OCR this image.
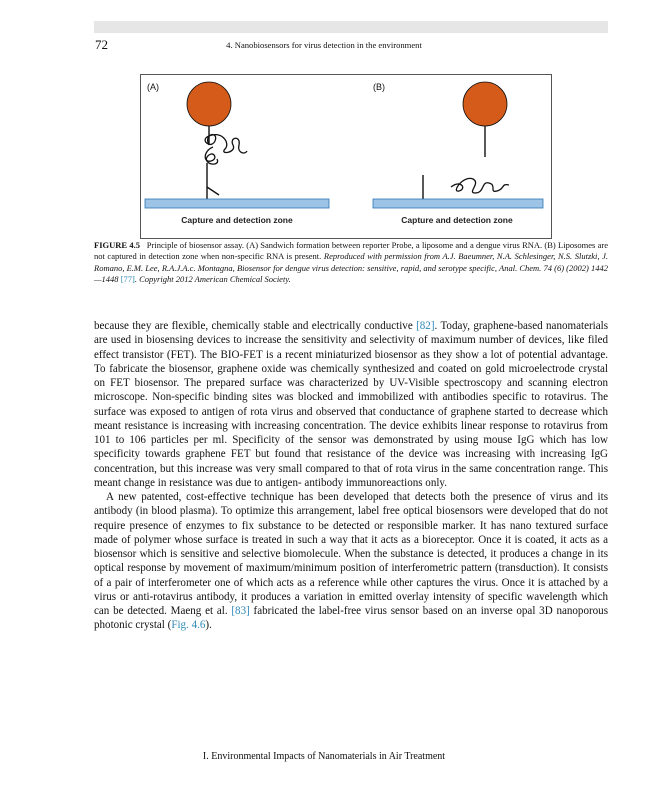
72	4. Nanobiosensors for virus detection in the environment
(A)	(B)
Capture and detection zone	Capture and detection zone
FIGURE 4.5 Principle of biosensor assay. (A) Sandwich formation between reporter Probe, a liposome and a dengue virus RNA. (B) Liposomes are not captured in detection zone when non-specific RNA is present. Reproduced with permission from A.J. Baeumner, N.A. Schlesinger, N.S. Slutzki, J. Romano, E.M. Lee, R.A.J.A.c. Montagna, Biosensor for dengue virus detection: sensitive, rapid, and serotype specific, Anal. Chem. 74 (6) (2002) 1442—1448 [77]. Copyright 2012 American Chemical Society.

because they are flexible, chemically stable and electrically conductive [82]. Today, graphene-based nanomaterials are used in biosensing devices to increase the sensitivity and selectivity of maximum number of devices, like filed effect transistor (FET). The BIO-FET is a recent miniaturized biosensor as they show a lot of potential advantage. To fabricate the biosensor, graphene oxide was chemically synthesized and coated on gold microelectrode crystal on FET biosensor. The prepared surface was characterized by UV-Visible spectroscopy and scanning electron microscope. Non-specific binding sites was blocked and immobilized with antibodies specific to rotavirus. The surface was exposed to antigen of rota virus and observed that conductance of graphene started to decrease which meant resistance is increasing with increasing concentration. The device exhibits linear response to rotavirus from 101 to 106 particles per ml. Specificity of the sensor was demonstrated by using mouse IgG which has low specificity towards graphene FET but found that resistance of the device was increasing with increasing IgG concentration, but this increase was very small compared to that of rota virus in the same concentration range. This meant change in resistance was due to antigen- antibody immunoreactions only.

A new patented, cost-effective technique has been developed that detects both the presence of virus and its antibody (in blood plasma). To optimize this arrangement, label free optical biosensors were developed that do not require presence of enzymes to fix substance to be detected or responsible marker. It has nano textured surface made of polymer whose surface is treated in such a way that it acts as a bioreceptor. Once it is coated, it acts as a biosensor which is sensitive and selective biomolecule. When the substance is detected, it produces a change in its optical response by movement of maximum/minimum position of interferometric pattern (transduction). It consists of a pair of interferometer one of which acts as a reference while other captures the virus. Once it is attached by a virus or anti-rotavirus antibody, it produces a variation in emitted overlay intensity of specific wavelength which can be detected. Maeng et al. [83] fabricated the label-free virus sensor based on an inverse opal 3D nanoporous photonic crystal (Fig. 4.6).

I. Environmental Impacts of Nanomaterials in Air Treatment
